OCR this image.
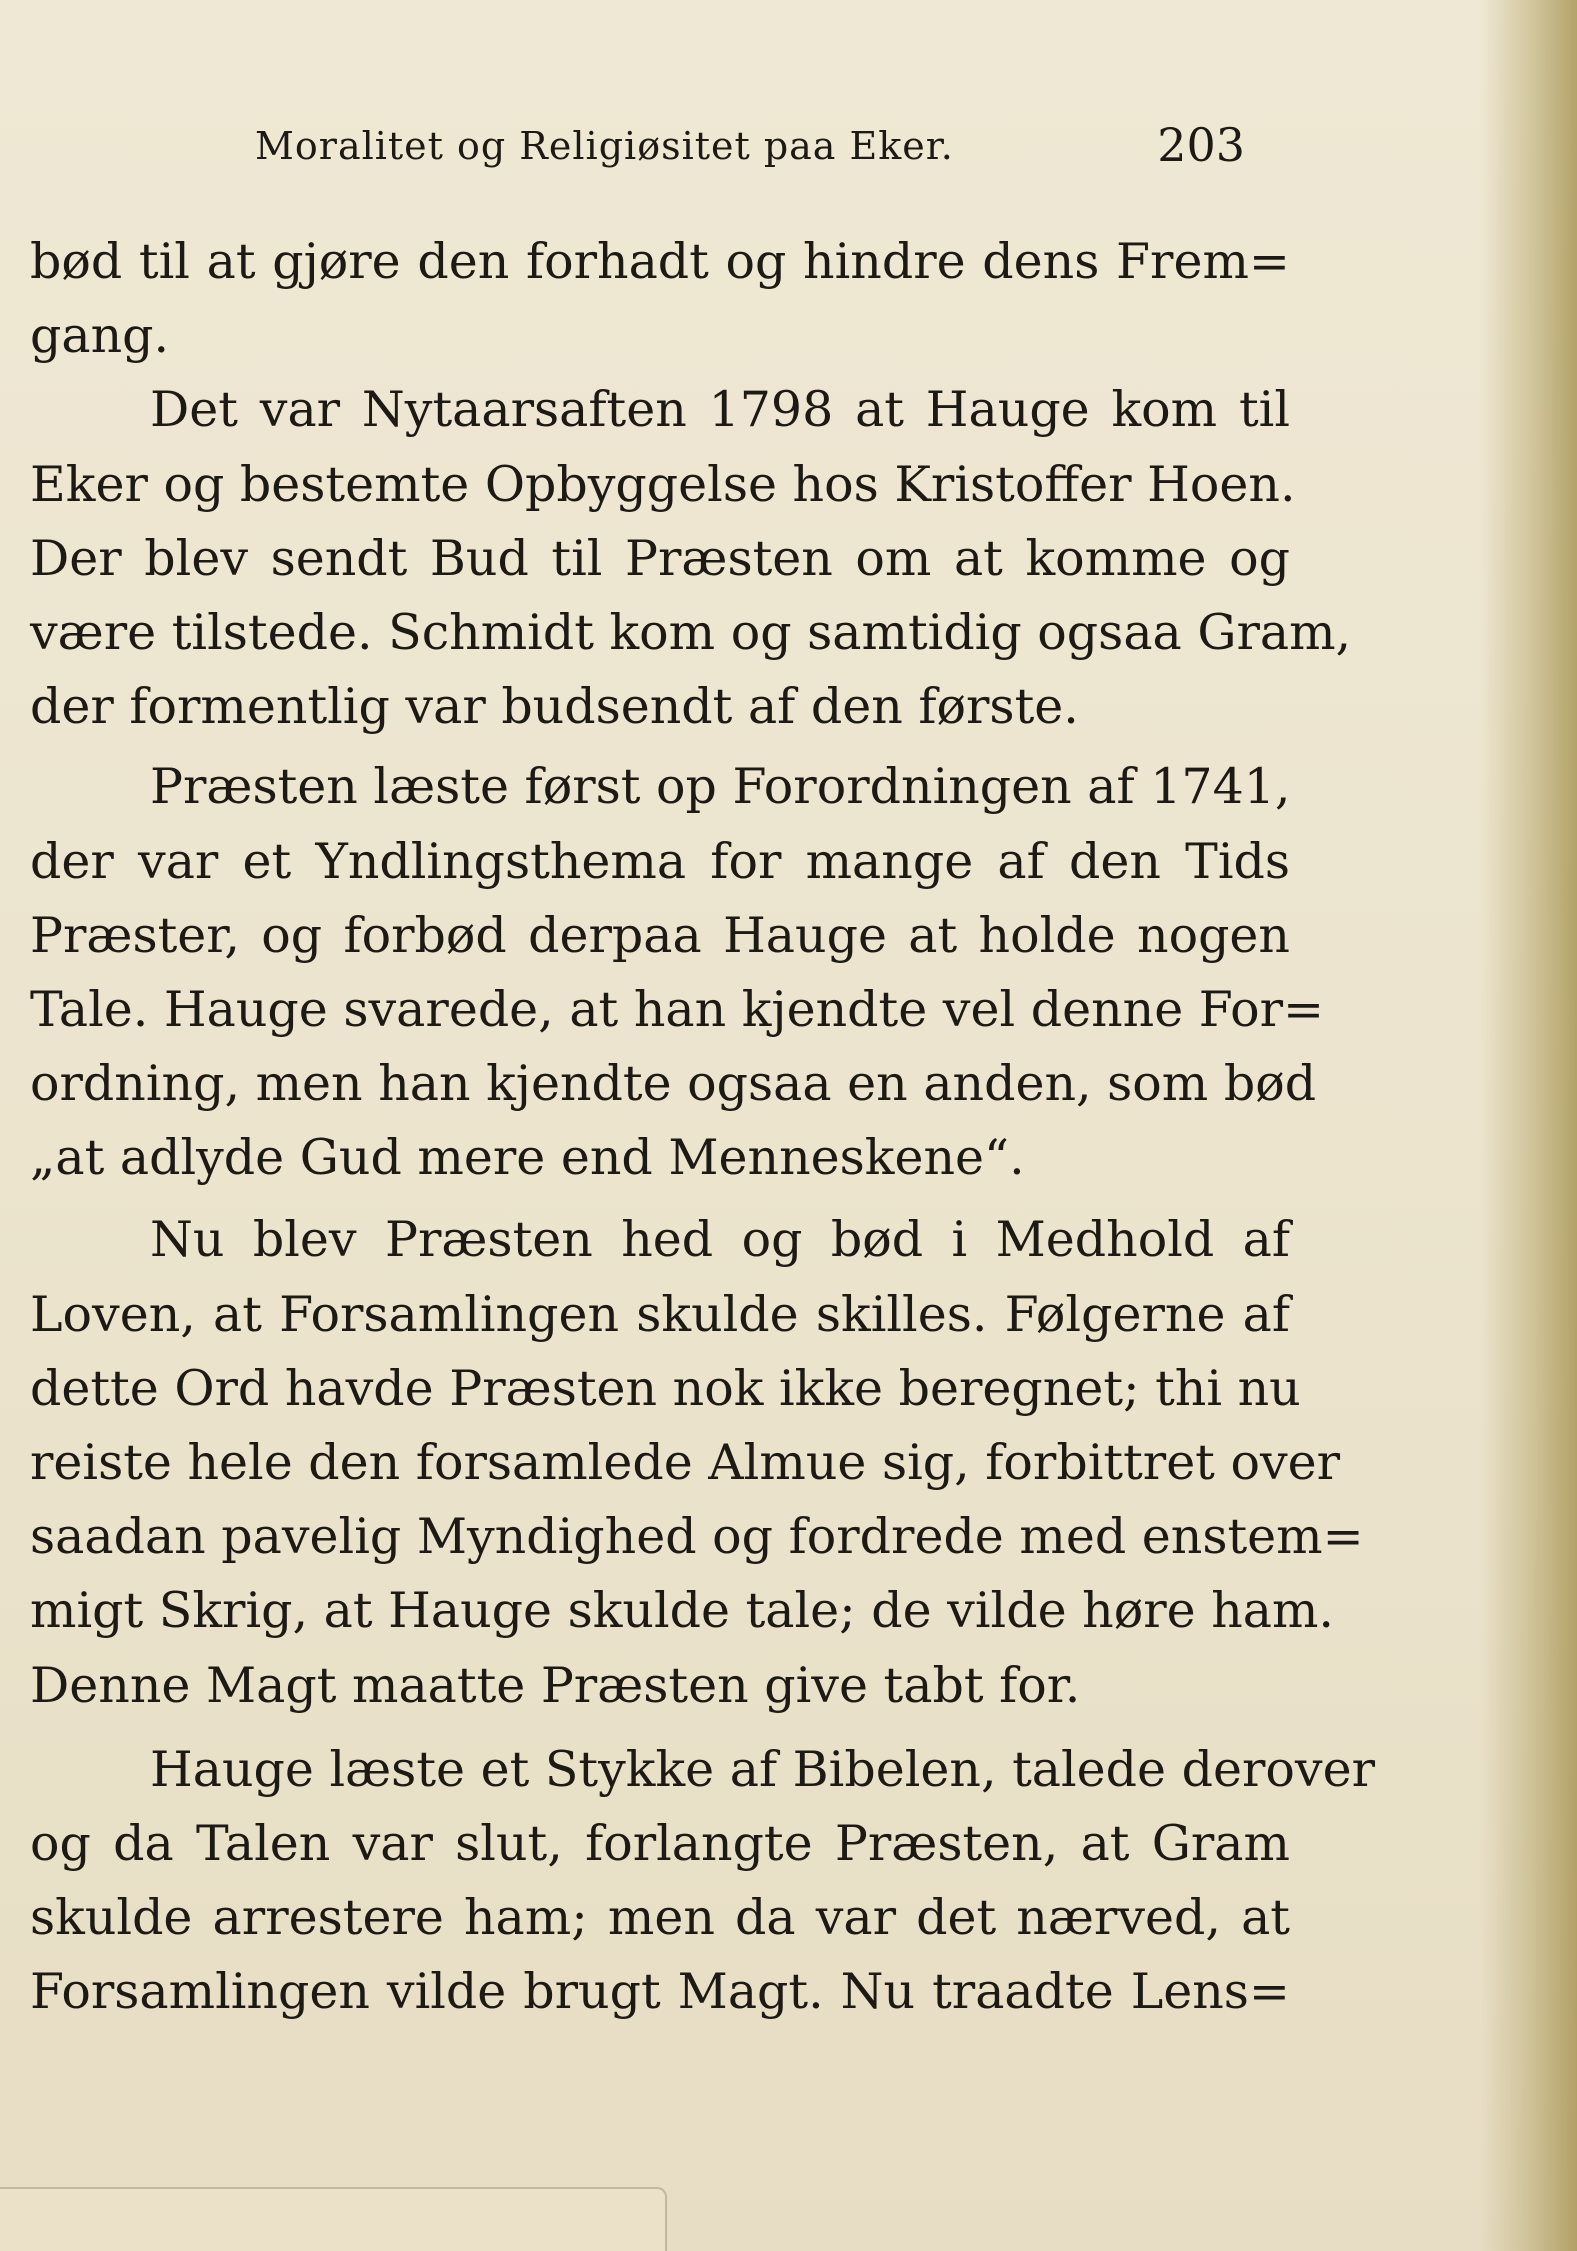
Moralitet og Religiøsitet paa Eker.	203
bød til at gjøre den forhadt og hindre dens Frem=
gang.
Det var Nytaarsaften 1798 at Hauge kom til
Eker og bestemte Opbyggelse hos Kristoffer Hoen.
Der blev sendt Bud til Præsten om at komme og
være tilstede. Schmidt kom og samtidig ogsaa Gram,
der formentlig var budsendt af den første.
Præsten læste først op Forordningen af 1741,
der var et Yndlingsthema for mange af den Tids
Præster, og forbød derpaa Hauge at holde nogen
Tale. Hauge svarede, at han kjendte vel denne For=
ordning, men han kjendte ogsaa en anden, som bød
„at adlyde Gud mere end Menneskene“.
Nu blev Præsten hed og bød i Medhold af
Loven, at Forsamlingen skulde skilles. Følgerne af
dette Ord havde Præsten nok ikke beregnet; thi nu
reiste hele den forsamlede Almue sig, forbittret over
saadan pavelig Myndighed og fordrede med enstem=
migt Skrig, at Hauge skulde tale; de vilde høre ham.
Denne Magt maatte Præsten give tabt for.
Hauge læste et Stykke af Bibelen, talede derover
og da Talen var slut, forlangte Præsten, at Gram
skulde arrestere ham; men da var det nærved, at
Forsamlingen vilde brugt Magt. Nu traadte Lens=
